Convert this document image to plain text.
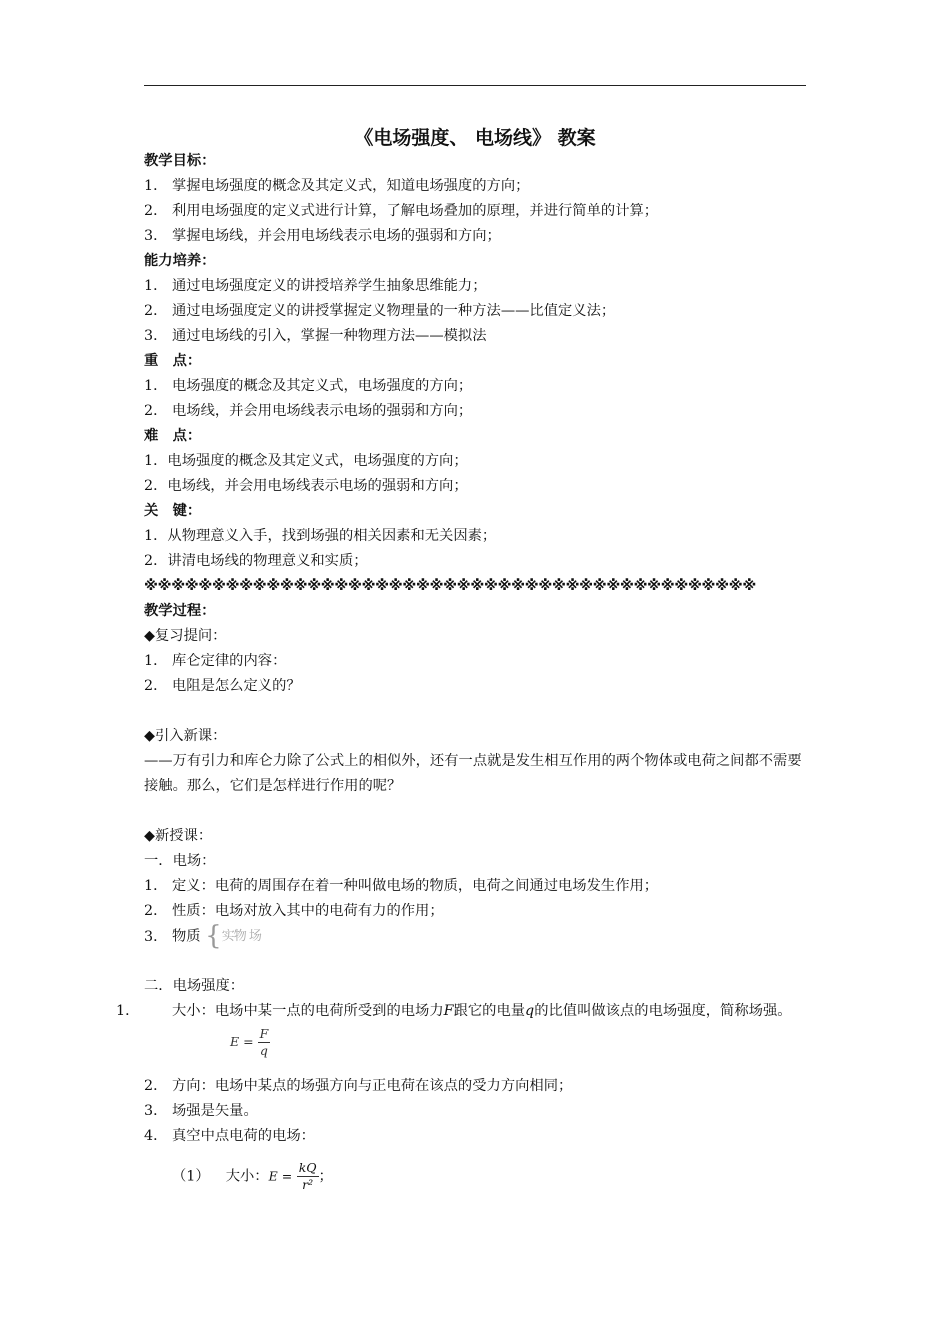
《电场强度、 电场线》 教案
教学目标：
1． 掌握电场强度的概念及其定义式，知道电场强度的方向；
2． 利用电场强度的定义式进行计算，了解电场叠加的原理，并进行简单的计算；
3． 掌握电场线，并会用电场线表示电场的强弱和方向；
能力培养：
1． 通过电场强度定义的讲授培养学生抽象思维能力；
2． 通过电场强度定义的讲授掌握定义物理量的一种方法——比值定义法；
3． 通过电场线的引入，掌握一种物理方法——模拟法
重　点：
1． 电场强度的概念及其定义式，电场强度的方向；
2． 电场线，并会用电场线表示电场的强弱和方向；
难　点：
1．电场强度的概念及其定义式，电场强度的方向；
2．电场线，并会用电场线表示电场的强弱和方向；
关　键：
1．从物理意义入手，找到场强的相关因素和无关因素；
2．讲清电场线的物理意义和实质；
※※※※※※※※※※※※※※※※※※※※※※※※※※※※※※※※※※※※※※※※※※※※※
教学过程：
◆复习提问：
1． 库仑定律的内容：
2． 电阻是怎么定义的？
◆引入新课：
——万有引力和库仑力除了公式上的相似外，还有一点就是发生相互作用的两个物体或电荷之间都不需要接触。那么，它们是怎样进行作用的呢？
◆新授课：
一．电场：
1． 定义：电荷的周围存在着一种叫做电场的物质，电荷之间通过电场发生作用；
2． 性质：电场对放入其中的电荷有力的作用；
3． 物质 {实物 场
二．电场强度：
1． 大小：电场中某一点的电荷所受到的电场力F跟它的电量q的比值叫做该点的电场强度，简称场强。
$E = \frac{F}{q}$
2． 方向：电场中某点的场强方向与正电荷在该点的受力方向相同；
3． 场强是矢量。
4． 真空中点电荷的电场：
（1） 大小：$E = \frac{kQ}{\text{r²}}$ ；
